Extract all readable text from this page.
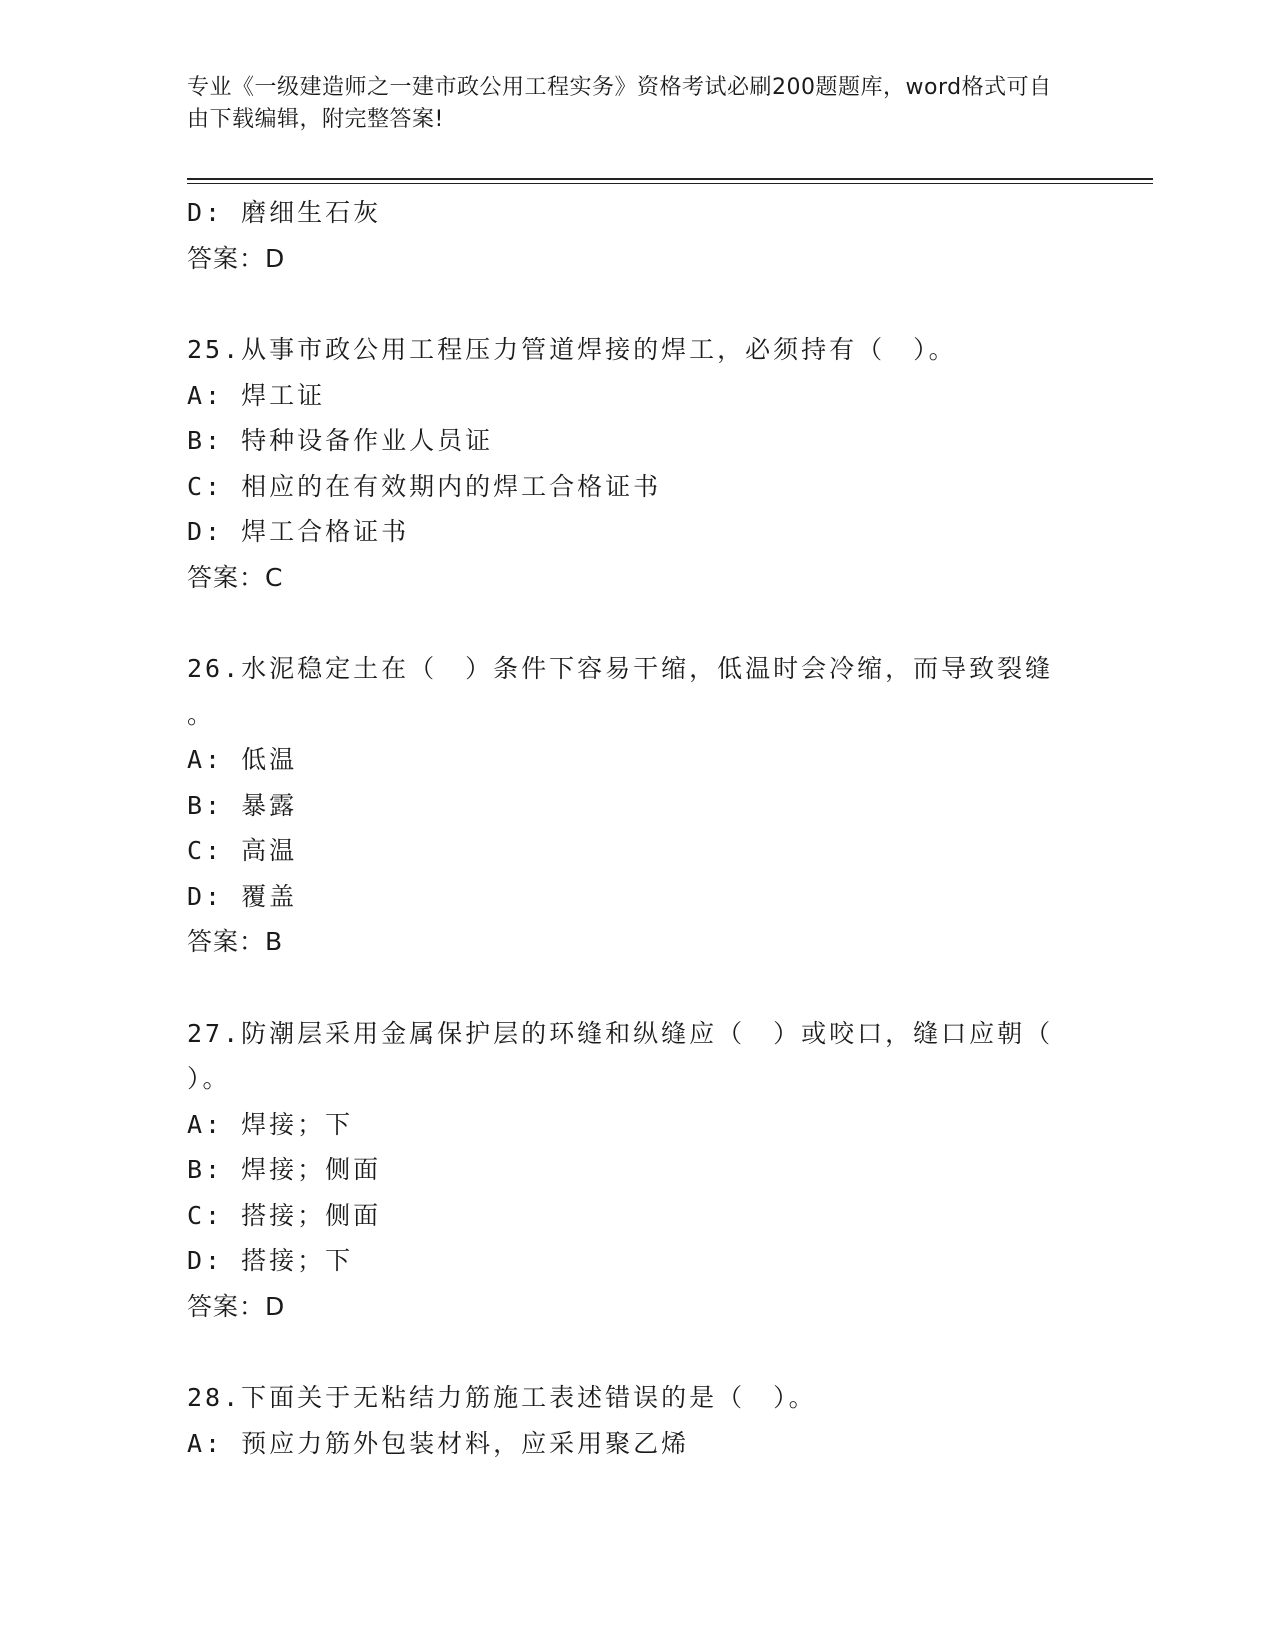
专业《一级建造师之一建市政公用工程实务》资格考试必刷200题题库，word格式可自由下载编辑，附完整答案!
D: 磨细生石灰
答案：D
25.从事市政公用工程压力管道焊接的焊工，必须持有（　）。
A: 焊工证
B: 特种设备作业人员证
C: 相应的在有效期内的焊工合格证书
D: 焊工合格证书
答案：C
26.水泥稳定土在（　）条件下容易干缩，低温时会冷缩，而导致裂缝
。
A: 低温
B: 暴露
C: 高温
D: 覆盖
答案：B
27.防潮层采用金属保护层的环缝和纵缝应（　）或咬口，缝口应朝（
）。
A: 焊接；下
B: 焊接；侧面
C: 搭接；侧面
D: 搭接；下
答案：D
28.下面关于无粘结力筋施工表述错误的是（　）。
A: 预应力筋外包装材料，应采用聚乙烯
